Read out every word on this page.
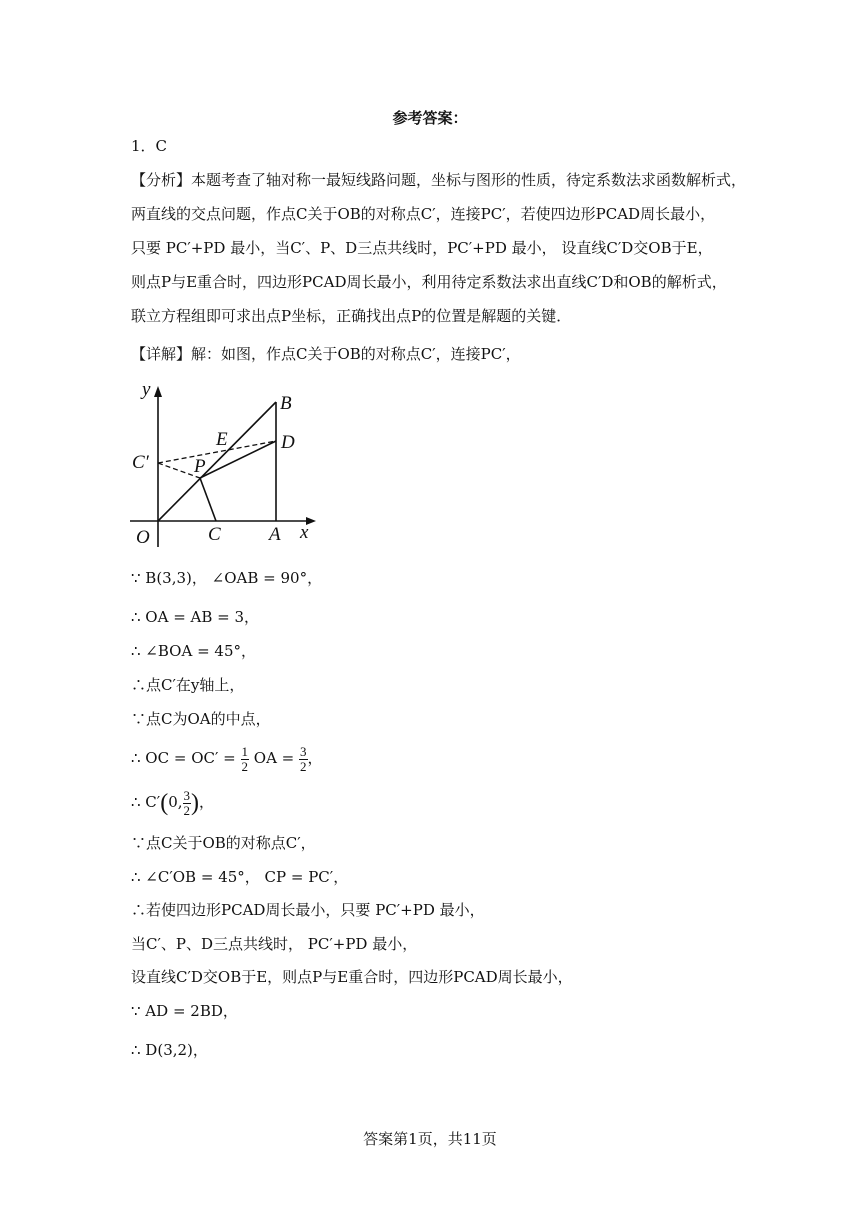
参考答案：
1．C
【分析】本题考查了轴对称一最短线路问题，坐标与图形的性质，待定系数法求函数解析式，
两直线的交点问题，作点C关于OB的对称点C′，连接PC′，若使四边形PCAD周长最小，
只要 PC′+PD 最小，当C′、P、D三点共线时，PC′+PD 最小， 设直线C′D交OB于E，
则点P与E重合时，四边形PCAD周长最小，利用待定系数法求出直线C′D和OB的解析式，
联立方程组即可求出点P坐标，正确找出点P的位置是解题的关键．
【详解】解：如图，作点C关于OB的对称点C′，连接PC′，
y
x
O	C	A
B
D
E
P
C′
∵ B(3,3)， ∠OAB = 90°，
∴ OA = AB = 3，
∴ ∠BOA = 45°，
∴点C′在y轴上，
∵点C为OA的中点，
∴ OC = $OC' = \frac{1}{2}$ OA = $\frac{3}{2}$ ，
∴ C′(0, $\frac{3}{2}$ )，
∵点C关于OB的对称点C′，
∴ ∠C′OB = 45°， CP = PC′，
∴若使四边形PCAD周长最小，只要 PC′+PD 最小，
当C′、P、D三点共线时， PC′+PD 最小，
设直线C′D交OB于E，则点P与E重合时，四边形PCAD周长最小，
∵ AD = 2BD，
∴ D(3,2)，
答案第1页，共11页
